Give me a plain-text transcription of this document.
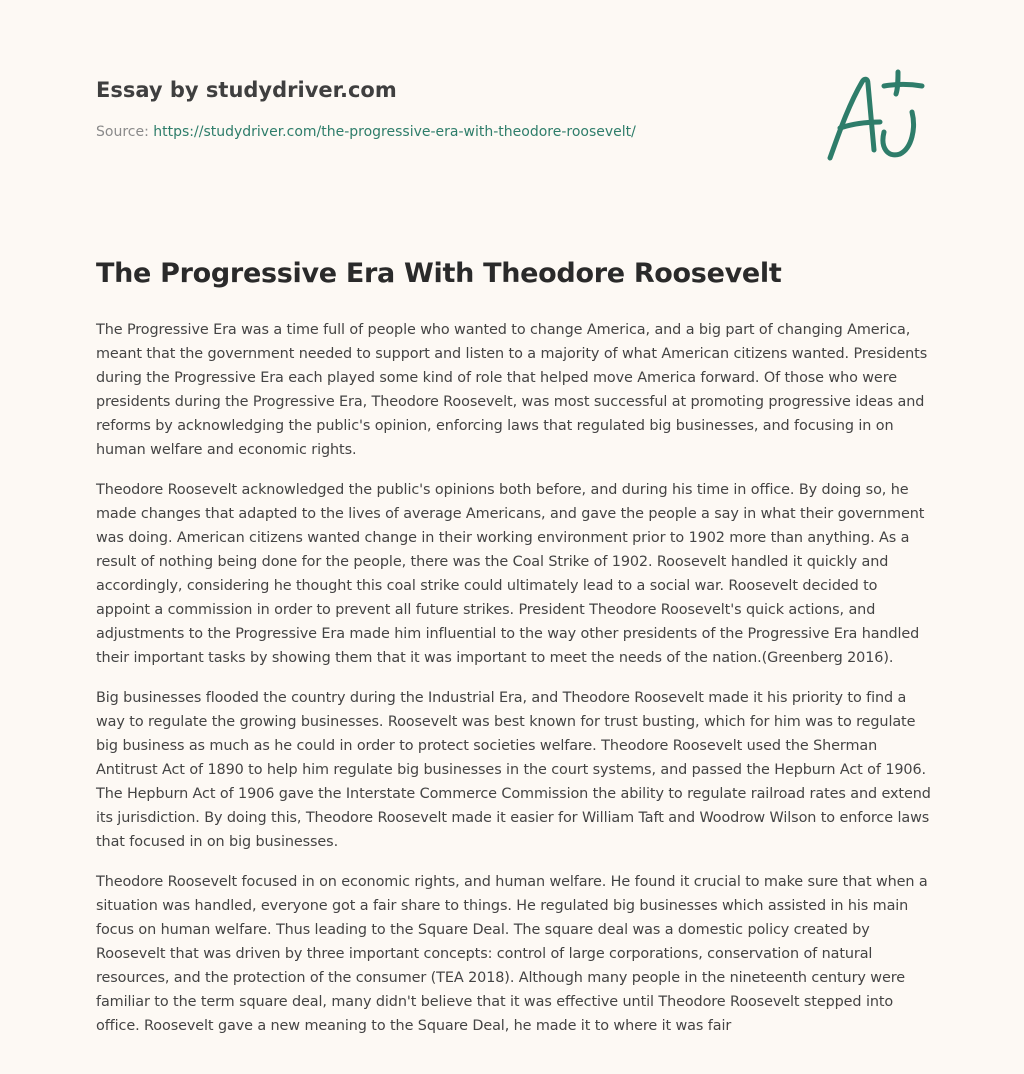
Essay by studydriver.com
Source: https://studydriver.com/the-progressive-era-with-theodore-roosevelt/
The Progressive Era With Theodore Roosevelt

The Progressive Era was a time full of people who wanted to change America, and a big part of changing America, meant that the government needed to support and listen to a majority of what American citizens wanted. Presidents during the Progressive Era each played some kind of role that helped move America forward. Of those who were presidents during the Progressive Era, Theodore Roosevelt, was most successful at promoting progressive ideas and reforms by acknowledging the public's opinion, enforcing laws that regulated big businesses, and focusing in on human welfare and economic rights.

Theodore Roosevelt acknowledged the public's opinions both before, and during his time in office. By doing so, he made changes that adapted to the lives of average Americans, and gave the people a say in what their government was doing. American citizens wanted change in their working environment prior to 1902 more than anything. As a result of nothing being done for the people, there was the Coal Strike of 1902. Roosevelt handled it quickly and accordingly, considering he thought this coal strike could ultimately lead to a social war. Roosevelt decided to appoint a commission in order to prevent all future strikes. President Theodore Roosevelt's quick actions, and adjustments to the Progressive Era made him influential to the way other presidents of the Progressive Era handled their important tasks by showing them that it was important to meet the needs of the nation.(Greenberg 2016).

Big businesses flooded the country during the Industrial Era, and Theodore Roosevelt made it his priority to find a way to regulate the growing businesses. Roosevelt was best known for trust busting, which for him was to regulate big business as much as he could in order to protect societies welfare. Theodore Roosevelt used the Sherman Antitrust Act of 1890 to help him regulate big businesses in the court systems, and passed the Hepburn Act of 1906. The Hepburn Act of 1906 gave the Interstate Commerce Commission the ability to regulate railroad rates and extend its jurisdiction. By doing this, Theodore Roosevelt made it easier for William Taft and Woodrow Wilson to enforce laws that focused in on big businesses.

Theodore Roosevelt focused in on economic rights, and human welfare. He found it crucial to make sure that when a situation was handled, everyone got a fair share to things. He regulated big businesses which assisted in his main focus on human welfare. Thus leading to the Square Deal. The square deal was a domestic policy created by Roosevelt that was driven by three important concepts: control of large corporations, conservation of natural resources, and the protection of the consumer (TEA 2018). Although many people in the nineteenth century were familiar to the term square deal, many didn't believe that it was effective until Theodore Roosevelt stepped into office. Roosevelt gave a new meaning to the Square Deal, he made it to where it was fair
